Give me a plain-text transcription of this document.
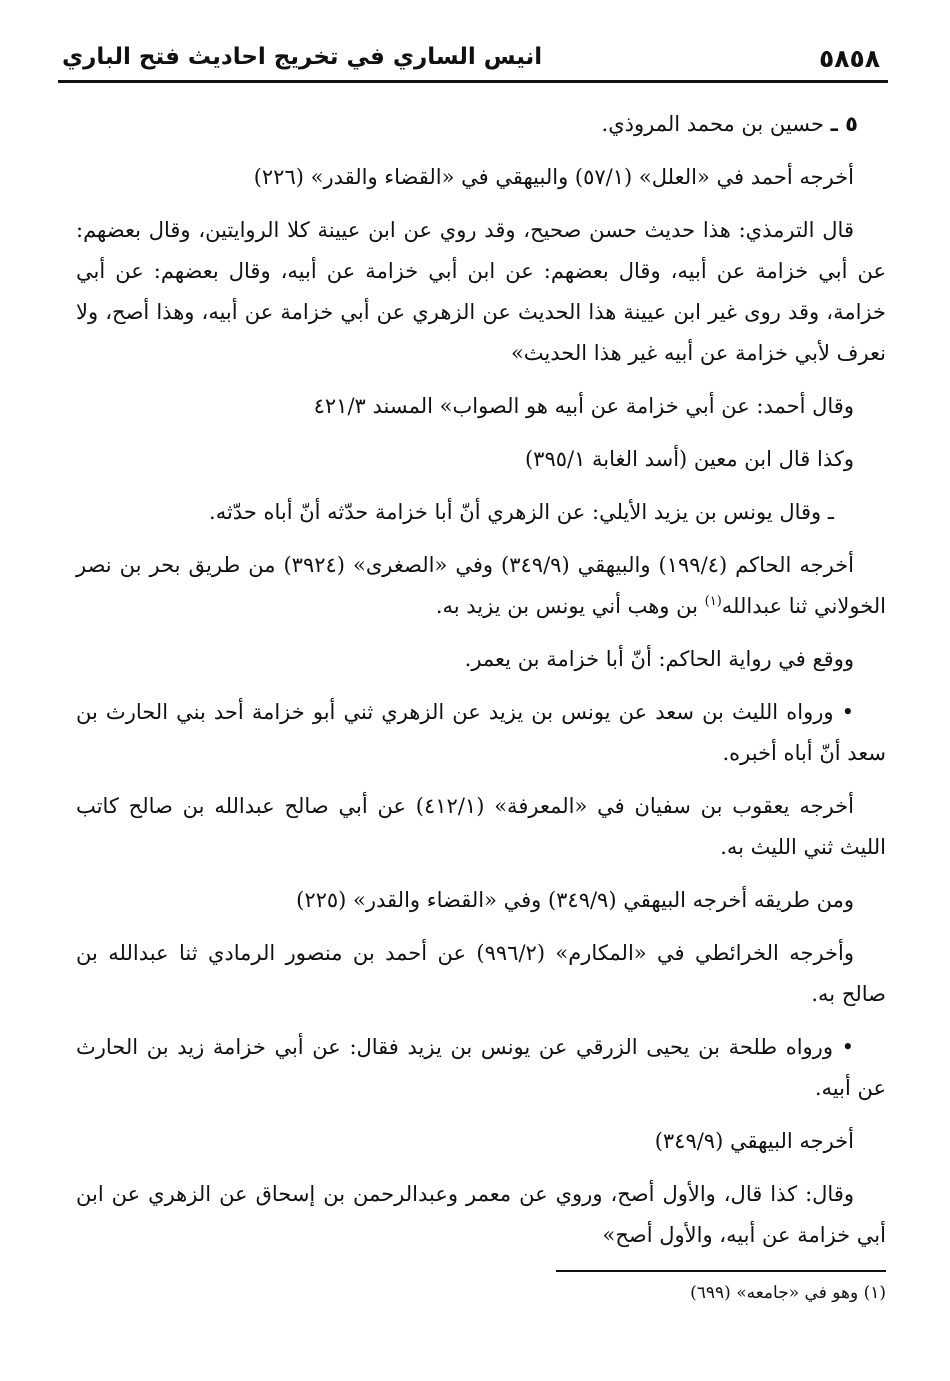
٥٨٥٨
انيس الساري في تخريج احاديث فتح الباري

٥ ـ حسين بن محمد المروذي.

أخرجه أحمد في «العلل» (٥٧/١) والبيهقي في «القضاء والقدر» (٢٢٦)

قال الترمذي: هذا حديث حسن صحيح، وقد روي عن ابن عيينة كلا الروايتين، وقال بعضهم: عن أبي خزامة عن أبيه، وقال بعضهم: عن ابن أبي خزامة عن أبيه، وقال بعضهم: عن أبي خزامة، وقد روى غير ابن عيينة هذا الحديث عن الزهري عن أبي خزامة عن أبيه، وهذا أصح، ولا نعرف لأبي خزامة عن أبيه غير هذا الحديث»

وقال أحمد: عن أبي خزامة عن أبيه هو الصواب» المسند ٤٢١/٣

وكذا قال ابن معين (أسد الغابة ٣٩٥/١)

ـ وقال يونس بن يزيد الأيلي: عن الزهري أنّ أبا خزامة حدّثه أنّ أباه حدّثه.

أخرجه الحاكم (١٩٩/٤) والبيهقي (٣٤٩/٩) وفي «الصغرى» (٣٩٢٤) من طريق بحر بن نصر الخولاني ثنا عبدالله$^{(١)}$ بن وهب أني يونس بن يزيد به.

ووقع في رواية الحاكم: أنّ أبا خزامة بن يعمر.

• ورواه الليث بن سعد عن يونس بن يزيد عن الزهري ثني أبو خزامة أحد بني الحارث بن سعد أنّ أباه أخبره.

أخرجه يعقوب بن سفيان في «المعرفة» (٤١٢/١) عن أبي صالح عبدالله بن صالح كاتب الليث ثني الليث به.

ومن طريقه أخرجه البيهقي (٣٤٩/٩) وفي «القضاء والقدر» (٢٢٥)

وأخرجه الخرائطي في «المكارم» (٩٩٦/٢) عن أحمد بن منصور الرمادي ثنا عبدالله بن صالح به.

• ورواه طلحة بن يحيى الزرقي عن يونس بن يزيد فقال: عن أبي خزامة زيد بن الحارث عن أبيه.

أخرجه البيهقي (٣٤٩/٩)

وقال: كذا قال، والأول أصح، وروي عن معمر وعبدالرحمن بن إسحاق عن الزهري عن ابن أبي خزامة عن أبيه، والأول أصح»

(١) وهو في «جامعه» (٦٩٩)
